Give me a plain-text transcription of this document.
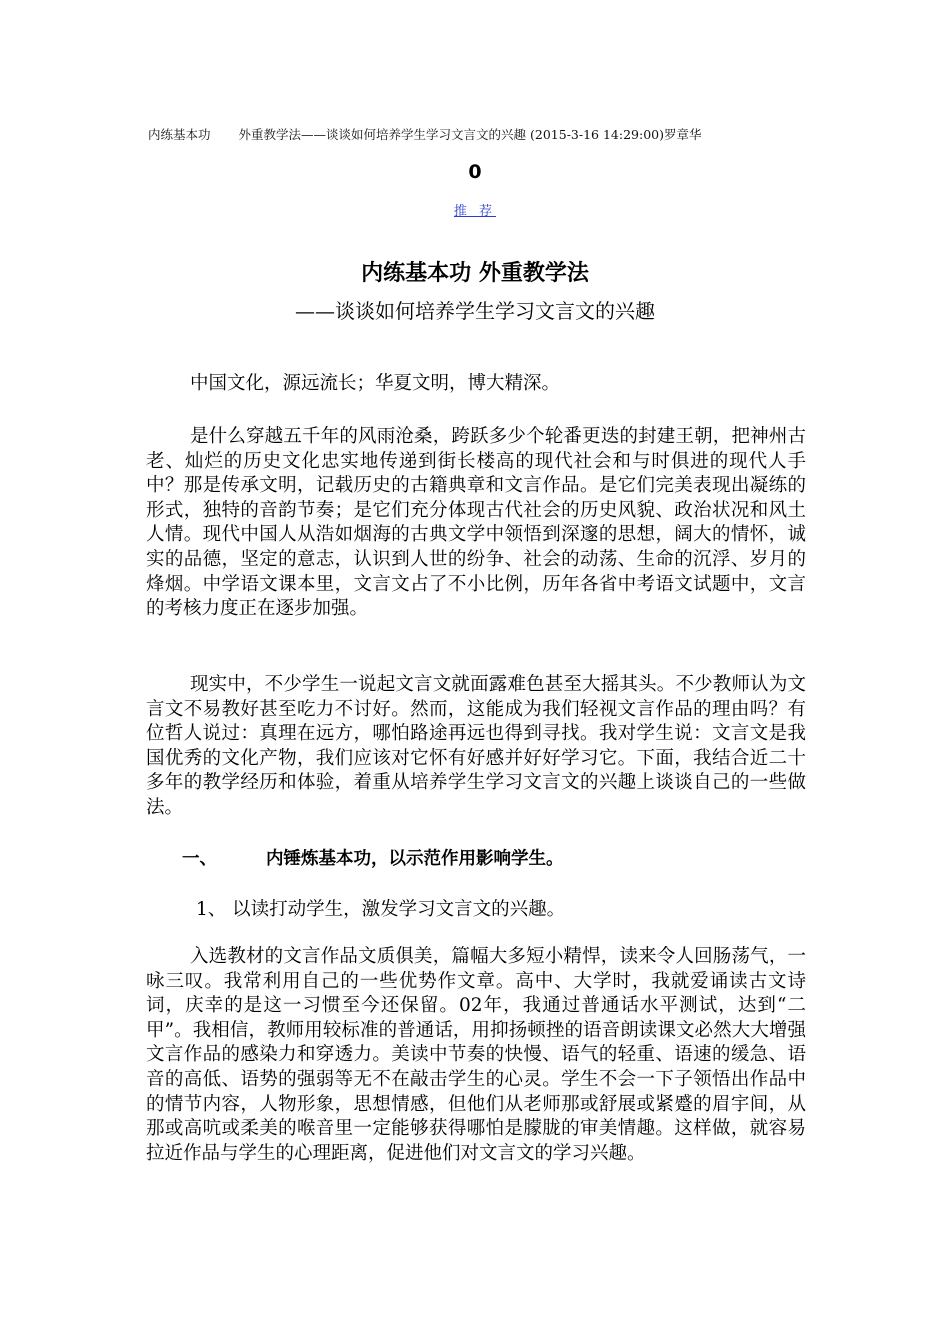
内练基本功 外重教学法——谈谈如何培养学生学习文言文的兴趣 (2015-3-16 14:29:00)罗章华
0
推 荐
内练基本功 外重教学法
——谈谈如何培养学生学习文言文的兴趣
中国文化，源远流长；华夏文明，博大精深。
是什么穿越五千年的风雨沧桑，跨跃多少个轮番更迭的封建王朝，把神州古老、灿烂的历史文化忠实地传递到街长楼高的现代社会和与时俱进的现代人手中？那是传承文明，记载历史的古籍典章和文言作品。是它们完美表现出凝练的形式，独特的音韵节奏；是它们充分体现古代社会的历史风貌、政治状况和风土人情。现代中国人从浩如烟海的古典文学中领悟到深邃的思想，阔大的情怀，诚实的品德，坚定的意志，认识到人世的纷争、社会的动荡、生命的沉浮、岁月的烽烟。中学语文课本里，文言文占了不小比例，历年各省中考语文试题中，文言的考核力度正在逐步加强。
现实中，不少学生一说起文言文就面露难色甚至大摇其头。不少教师认为文言文不易教好甚至吃力不讨好。然而，这能成为我们轻视文言作品的理由吗？有位哲人说过：真理在远方，哪怕路途再远也得到寻找。我对学生说：文言文是我国优秀的文化产物，我们应该对它怀有好感并好好学习它。下面，我结合近二十多年的教学经历和体验，着重从培养学生学习文言文的兴趣上谈谈自己的一些做法。
一、	内锤炼基本功，以示范作用影响学生。
1、 以读打动学生，激发学习文言文的兴趣。
入选教材的文言作品文质俱美，篇幅大多短小精悍，读来令人回肠荡气，一咏三叹。我常利用自己的一些优势作文章。高中、大学时，我就爱诵读古文诗词，庆幸的是这一习惯至今还保留。02年，我通过普通话水平测试，达到“二甲”。我相信，教师用较标准的普通话，用抑扬顿挫的语音朗读课文必然大大增强文言作品的感染力和穿透力。美读中节奏的快慢、语气的轻重、语速的缓急、语音的高低、语势的强弱等无不在敲击学生的心灵。学生不会一下子领悟出作品中的情节内容，人物形象，思想情感，但他们从老师那或舒展或紧蹙的眉宇间，从那或高吭或柔美的喉音里一定能够获得哪怕是朦胧的审美情趣。这样做，就容易拉近作品与学生的心理距离，促进他们对文言文的学习兴趣。
